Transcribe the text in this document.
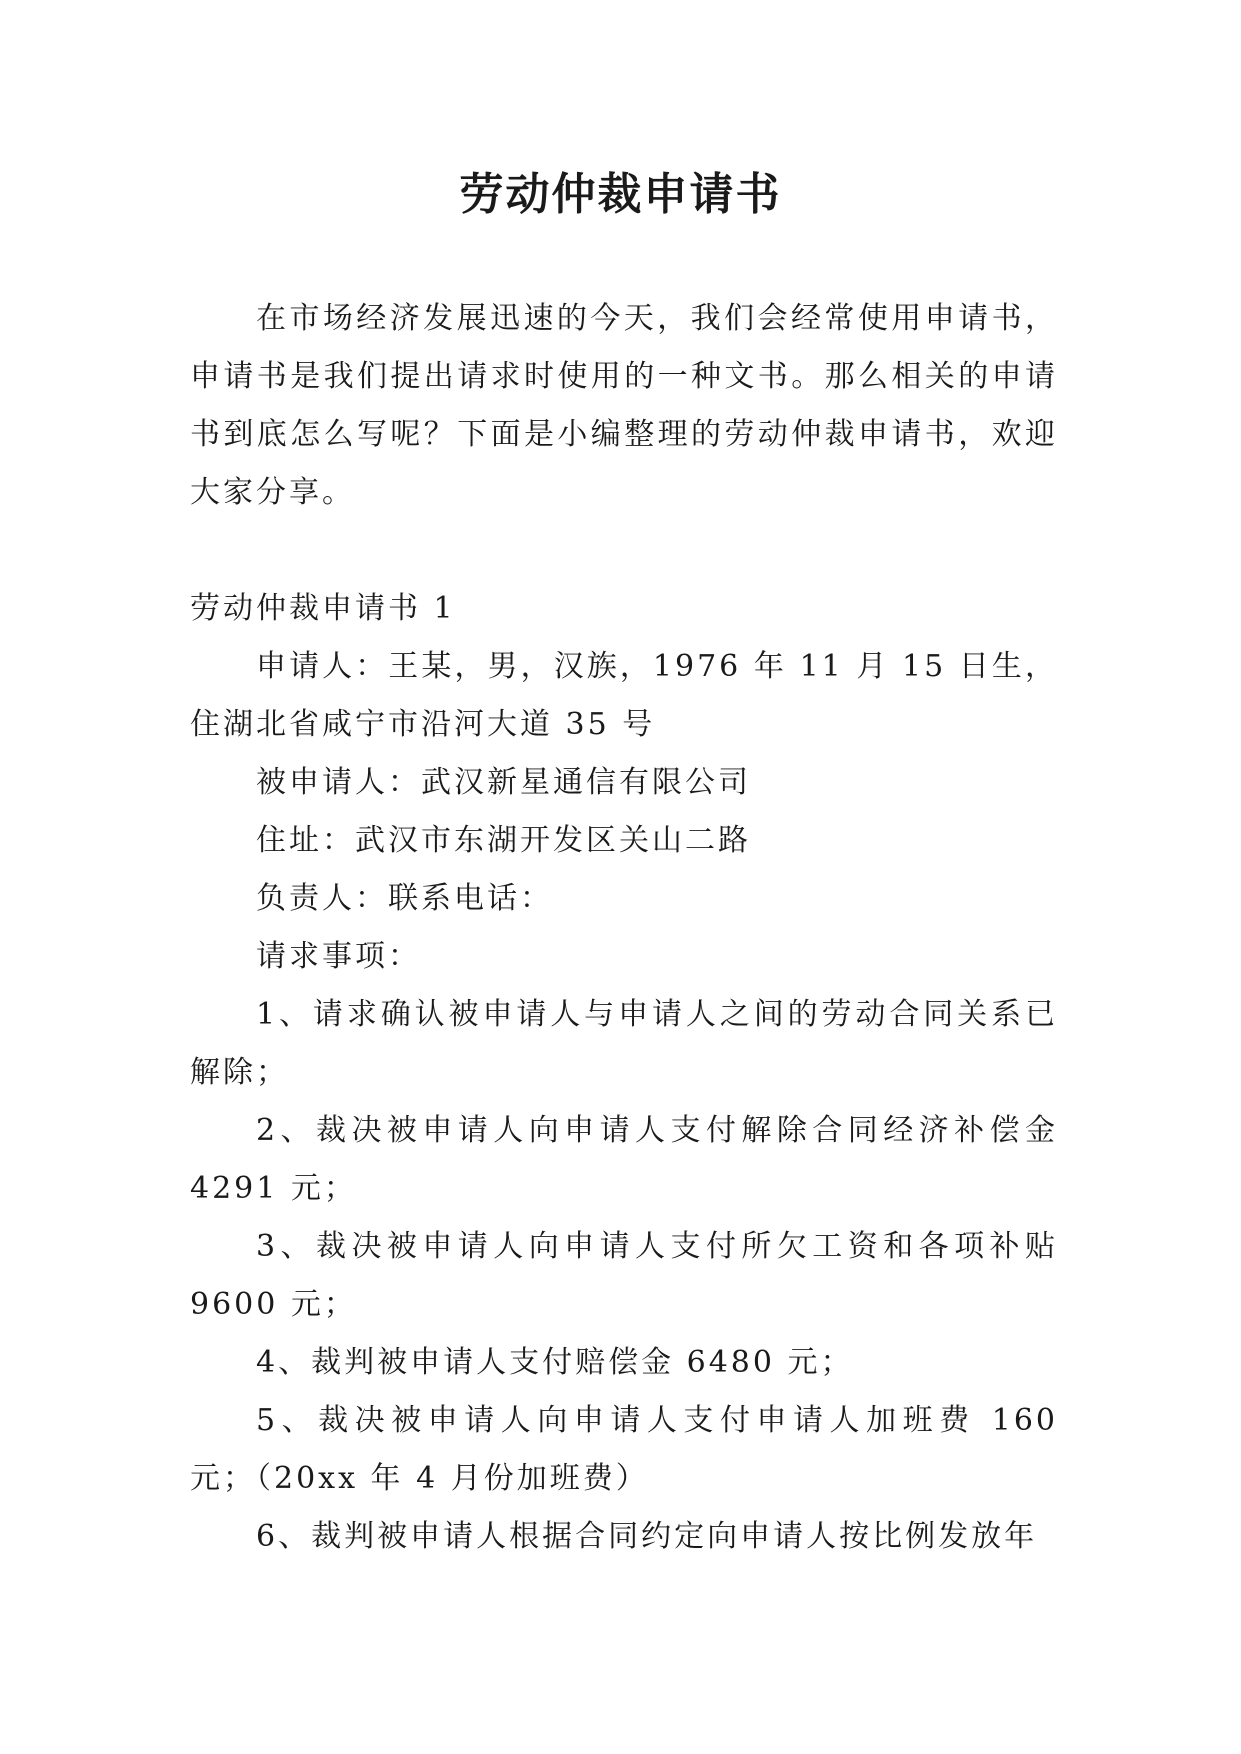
劳动仲裁申请书

在市场经济发展迅速的今天，我们会经常使用申请书，申请书是我们提出请求时使用的一种文书。那么相关的申请书到底怎么写呢？下面是小编整理的劳动仲裁申请书，欢迎大家分享。

劳动仲裁申请书 1

申请人：王某，男，汉族，1976 年 11 月 15 日生，住湖北省咸宁市沿河大道 35 号

被申请人：武汉新星通信有限公司

住址：武汉市东湖开发区关山二路

负责人：联系电话：

请求事项：

1、请求确认被申请人与申请人之间的劳动合同关系已解除；

2、裁决被申请人向申请人支付解除合同经济补偿金 4291 元；

3、裁决被申请人向申请人支付所欠工资和各项补贴 9600 元；

4、裁判被申请人支付赔偿金 6480 元；

5、裁决被申请人向申请人支付申请人加班费 160 元；（20xx 年 4 月份加班费）

6、裁判被申请人根据合同约定向申请人按比例发放年
